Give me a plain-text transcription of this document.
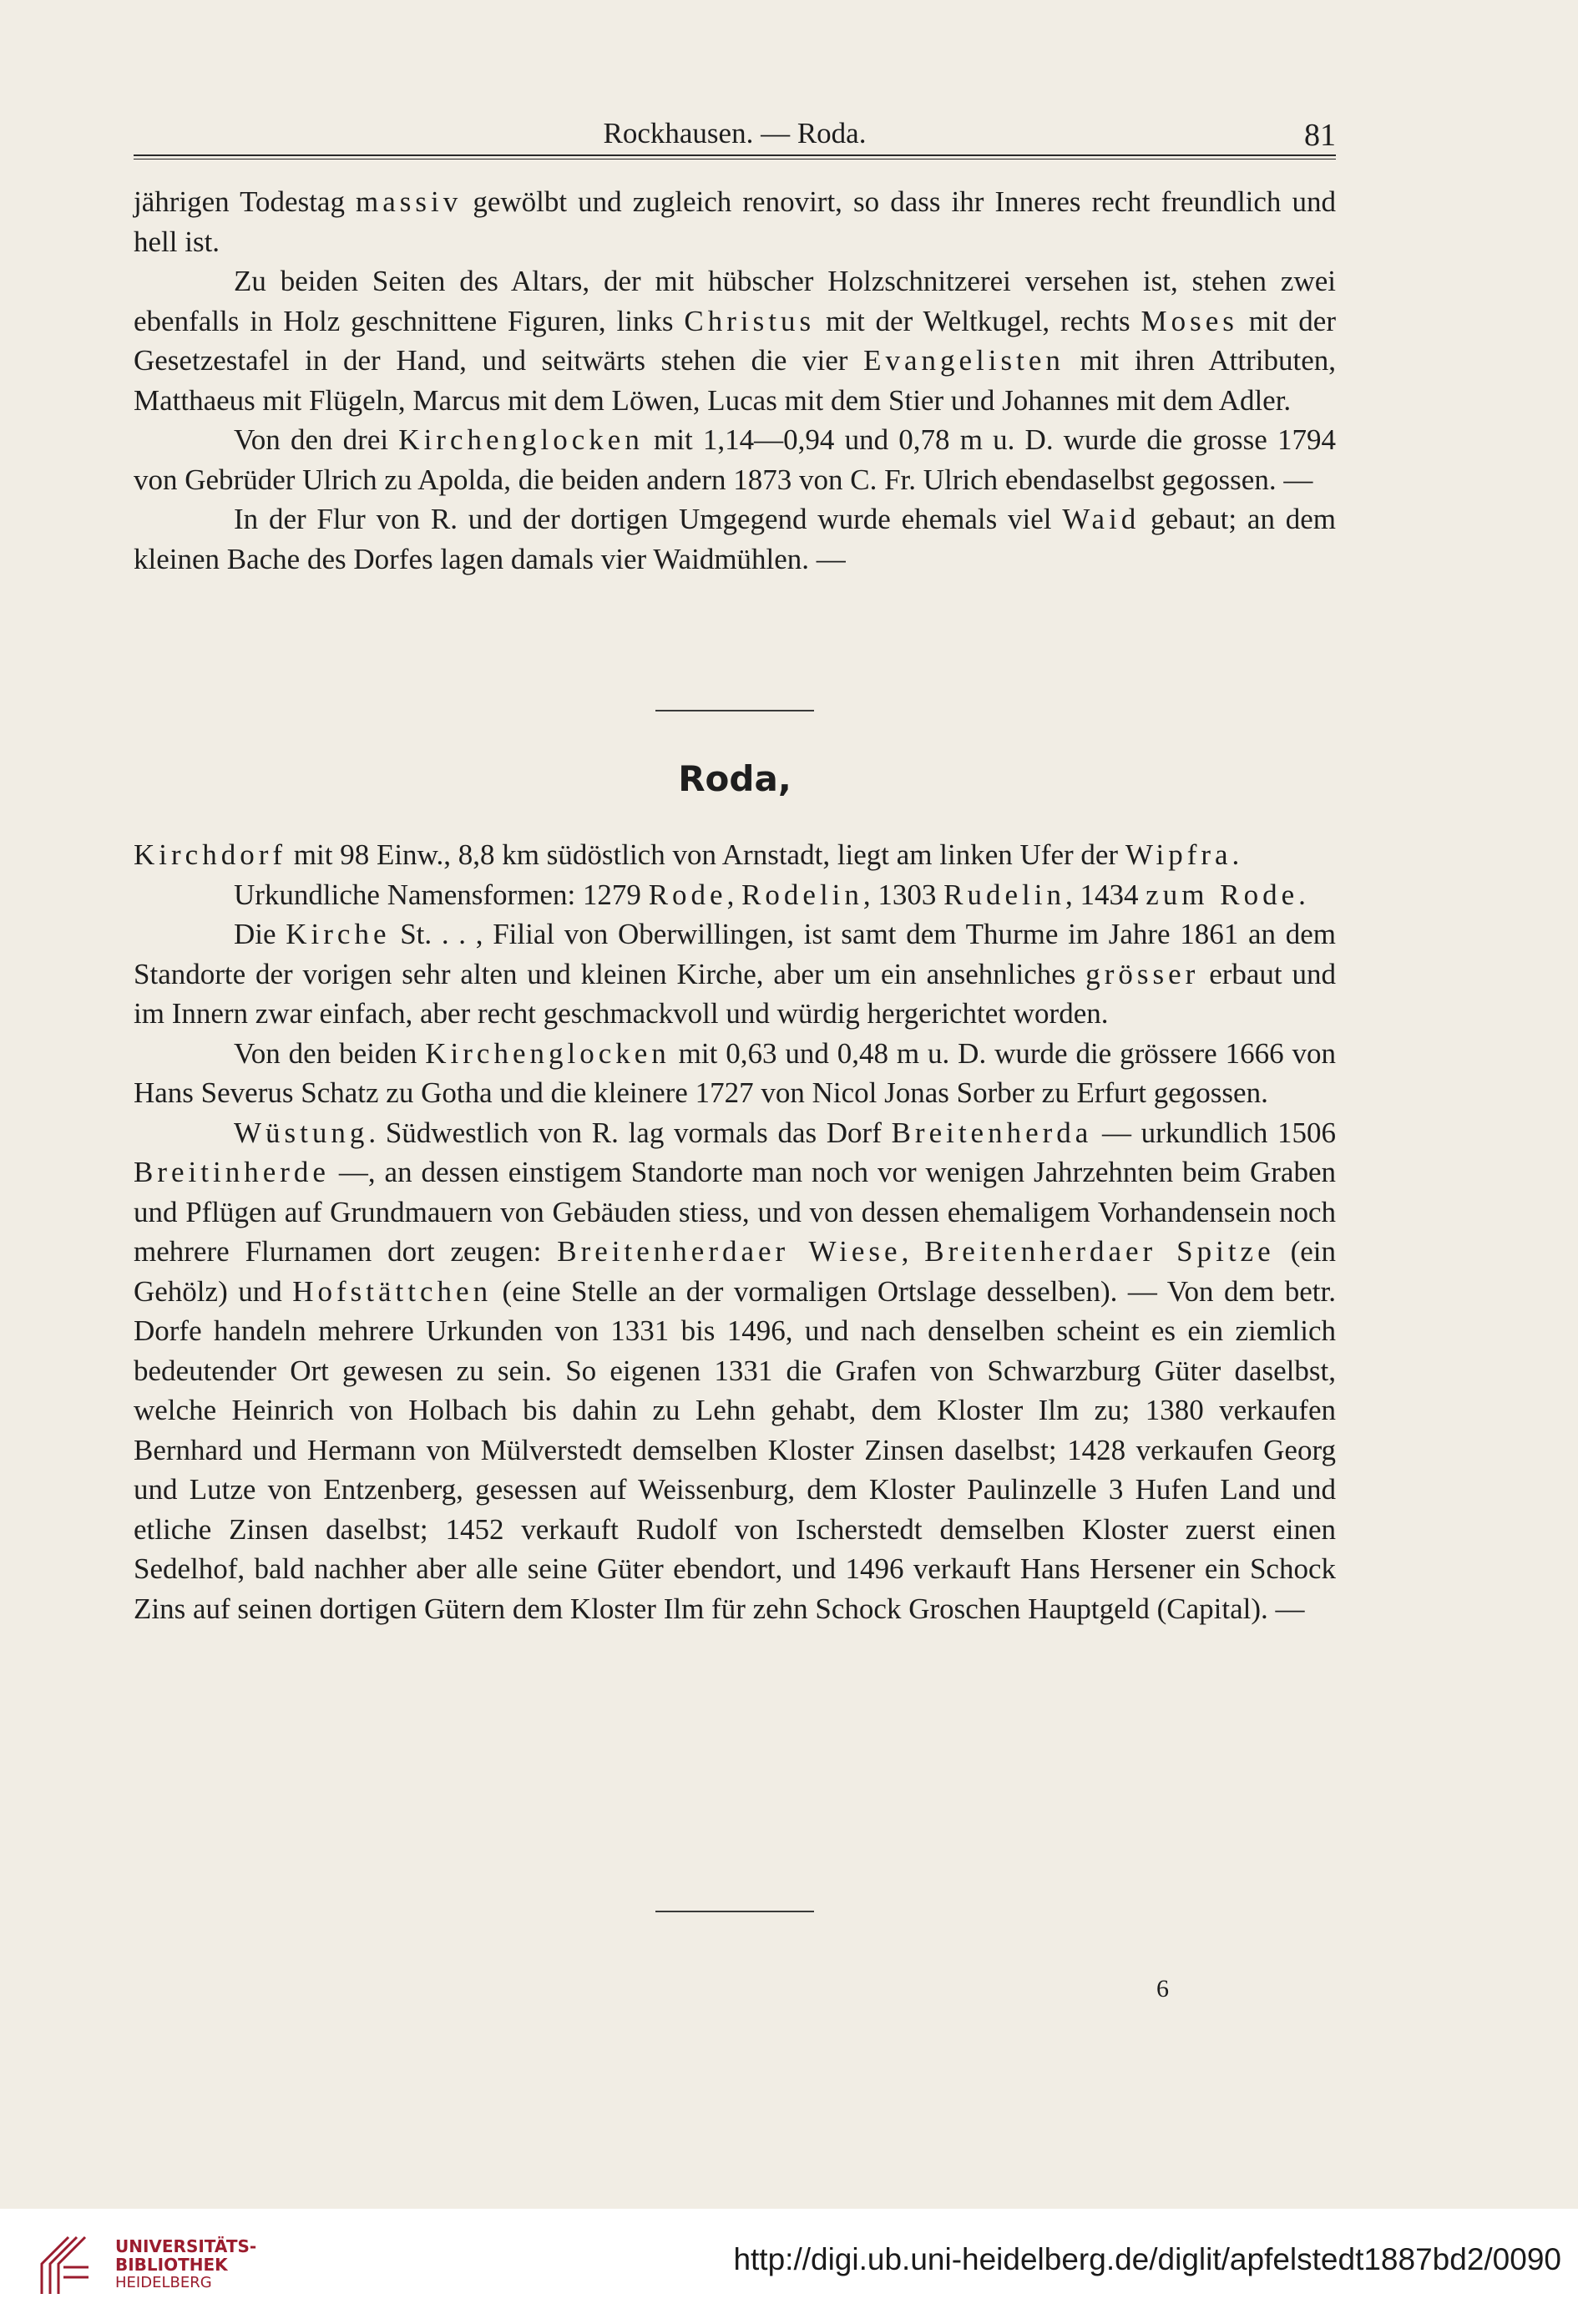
Rockhausen. — Roda.	81

jährigen Todestag massiv gewölbt und zugleich renovirt, so dass ihr Inneres recht freundlich und hell ist.

Zu beiden Seiten des Altars, der mit hübscher Holzschnitzerei versehen ist, stehen zwei ebenfalls in Holz geschnittene Figuren, links Christus mit der Weltkugel, rechts Moses mit der Gesetzestafel in der Hand, und seitwärts stehen die vier Evangelisten mit ihren Attributen, Matthaeus mit Flügeln, Marcus mit dem Löwen, Lucas mit dem Stier und Johannes mit dem Adler.

Von den drei Kirchenglocken mit 1,14—0,94 und 0,78 m u. D. wurde die grosse 1794 von Gebrüder Ulrich zu Apolda, die beiden andern 1873 von C. Fr. Ulrich ebendaselbst gegossen. —

In der Flur von R. und der dortigen Umgegend wurde ehemals viel Waid gebaut; an dem kleinen Bache des Dorfes lagen damals vier Waidmühlen. —

Roda,

Kirchdorf mit 98 Einw., 8,8 km südöstlich von Arnstadt, liegt am linken Ufer der Wipfra.

Urkundliche Namensformen: 1279 Rode, Rodelin, 1303 Rudelin, 1434 zum Rode.

Die Kirche St. . . , Filial von Oberwillingen, ist samt dem Thurme im Jahre 1861 an dem Standorte der vorigen sehr alten und kleinen Kirche, aber um ein ansehnliches grösser erbaut und im Innern zwar einfach, aber recht geschmackvoll und würdig hergerichtet worden.

Von den beiden Kirchenglocken mit 0,63 und 0,48 m u. D. wurde die grössere 1666 von Hans Severus Schatz zu Gotha und die kleinere 1727 von Nicol Jonas Sorber zu Erfurt gegossen.

Wüstung. Südwestlich von R. lag vormals das Dorf Breitenherda — urkundlich 1506 Breitinherde —, an dessen einstigem Standorte man noch vor wenigen Jahrzehnten beim Graben und Pflügen auf Grundmauern von Gebäuden stiess, und von dessen ehemaligem Vorhandensein noch mehrere Flurnamen dort zeugen: Breitenherdaer Wiese, Breitenherdaer Spitze (ein Gehölz) und Hofstättchen (eine Stelle an der vormaligen Ortslage desselben). — Von dem betr. Dorfe handeln mehrere Urkunden von 1331 bis 1496, und nach denselben scheint es ein ziemlich bedeutender Ort gewesen zu sein. So eigenen 1331 die Grafen von Schwarzburg Güter daselbst, welche Heinrich von Holbach bis dahin zu Lehn gehabt, dem Kloster Ilm zu; 1380 verkaufen Bernhard und Hermann von Mülverstedt demselben Kloster Zinsen daselbst; 1428 verkaufen Georg und Lutze von Entzenberg, gesessen auf Weissenburg, dem Kloster Paulinzelle 3 Hufen Land und etliche Zinsen daselbst; 1452 verkauft Rudolf von Ischerstedt demselben Kloster zuerst einen Sedelhof, bald nachher aber alle seine Güter ebendort, und 1496 verkauft Hans Hersener ein Schock Zins auf seinen dortigen Gütern dem Kloster Ilm für zehn Schock Groschen Hauptgeld (Capital). —

6
UNIVERSITÄTS-
BIBLIOTHEK
HEIDELBERG
http://digi.ub.uni-heidelberg.de/diglit/apfelstedt1887bd2/0090
